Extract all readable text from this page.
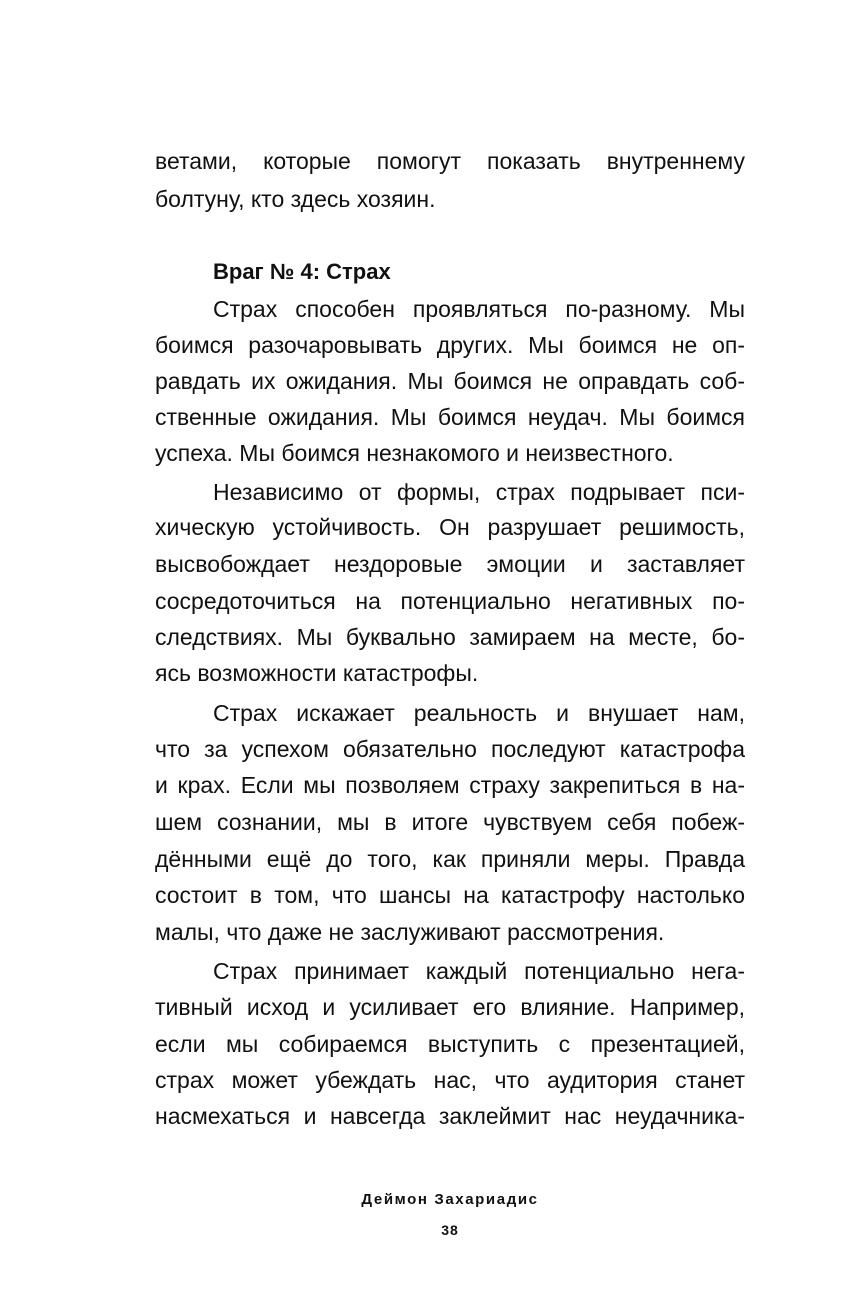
ветами, которые помогут показать внутреннему
болтуну, кто здесь хозяин.
Враг № 4: Страх
Страх способен проявляться по-разному. Мы
боимся разочаровывать других. Мы боимся не оп-
равдать их ожидания. Мы боимся не оправдать соб-
ственные ожидания. Мы боимся неудач. Мы боимся
успеха. Мы боимся незнакомого и неизвестного.
Независимо от формы, страх подрывает пси-
хическую устойчивость. Он разрушает решимость,
высвобождает нездоровые эмоции и заставляет
сосредоточиться на потенциально негативных по-
следствиях. Мы буквально замираем на месте, бо-
ясь возможности катастрофы.
Страх искажает реальность и внушает нам,
что за успехом обязательно последуют катастрофа
и крах. Если мы позволяем страху закрепиться в на-
шем сознании, мы в итоге чувствуем себя побеж-
дёнными ещё до того, как приняли меры. Правда
состоит в том, что шансы на катастрофу настолько
малы, что даже не заслуживают рассмотрения.
Страх принимает каждый потенциально нега-
тивный исход и усиливает его влияние. Например,
если мы собираемся выступить с презентацией,
страх может убеждать нас, что аудитория станет
насмехаться и навсегда заклеймит нас неудачника-
Деймон Захариадис
38
